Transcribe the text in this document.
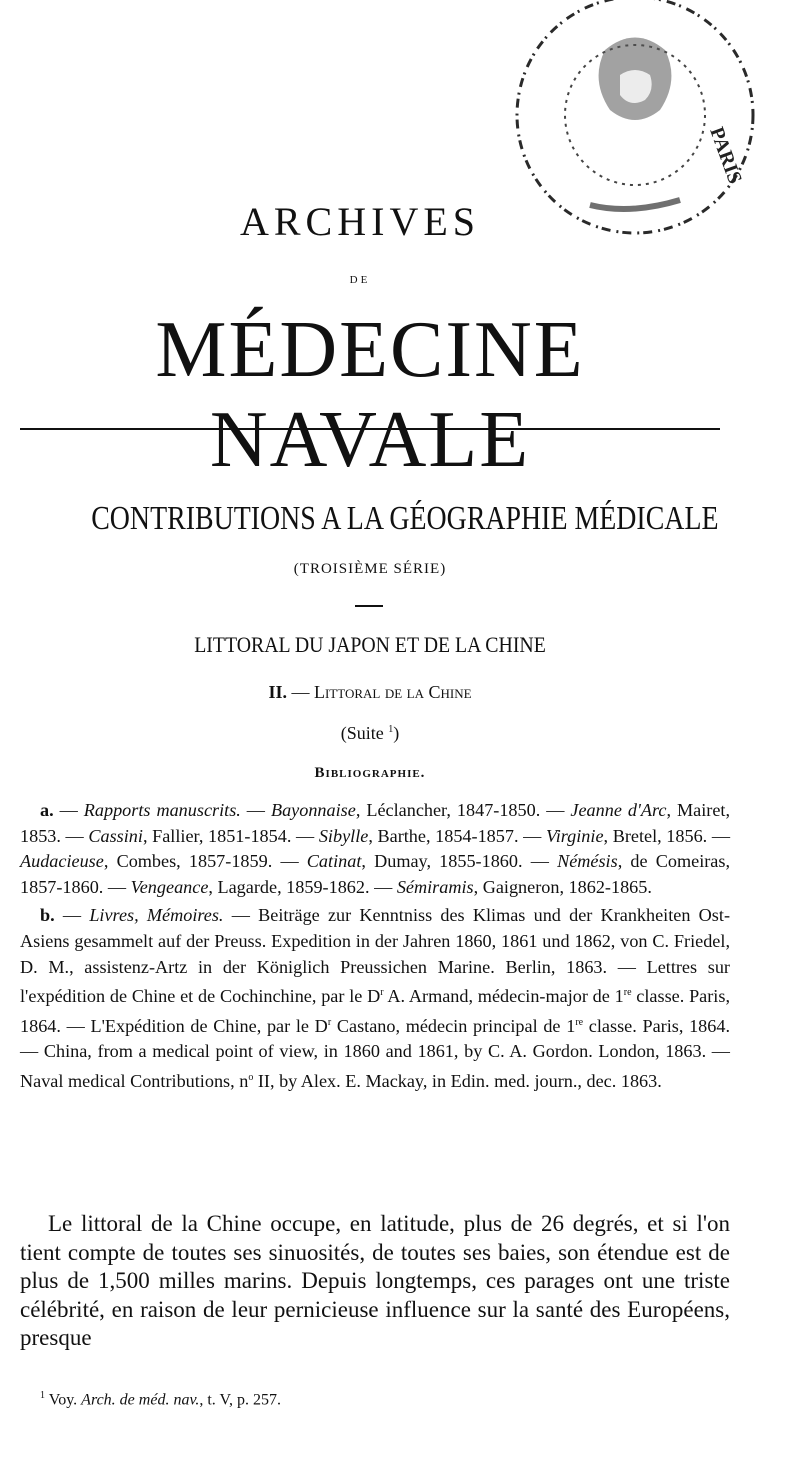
PARIS
ARCHIVES
DE
MÉDECINE NAVALE
CONTRIBUTIONS A LA GÉOGRAPHIE MÉDICALE
(TROISIÈME SÉRIE)
LITTORAL DU JAPON ET DE LA CHINE
II. — Littoral de la Chine
(Suite $^1$)
Bibliographie.

a. — Rapports manuscrits. — Bayonnaise, Léclancher, 1847-1850. — Jeanne d'Arc, Mairet, 1853. — Cassini, Fallier, 1851-1854. — Sibylle, Barthe, 1854-1857. — Virginie, Bretel, 1856. — Audacieuse, Combes, 1857-1859. — Catinat, Dumay, 1855-1860. — Némésis, de Comeiras, 1857-1860. — Vengeance, Lagarde, 1859-1862. — Sémiramis, Gaigneron, 1862-1865.

b. — Livres, Mémoires. — Beiträge zur Kenntniss des Klimas und der Krankheiten Ost-Asiens gesammelt auf der Preuss. Expedition in der Jahren 1860, 1861 und 1862, von C. Friedel, D. M., assistenz-Artz in der Königlich Preussichen Marine. Berlin, 1863. — Lettres sur l'expédition de Chine et de Cochinchine, par le $D^r$ A. Armand, médecin-major de 1re classe. Paris, 1864. — L'Expédition de Chine, par le $D^r$ Castano, médecin principal de 1re classe. Paris, 1864. — China, from a medical point of view, in 1860 and 1861, by C. A. Gordon. London, 1863. — Naval medical Contributions, $n^o$ II, by Alex. E. Mackay, in Edin. med. journ., dec. 1863.

Le littoral de la Chine occupe, en latitude, plus de 26 degrés, et si l'on tient compte de toutes ses sinuosités, de toutes ses baies, son étendue est de plus de 1,500 milles marins. Depuis longtemps, ces parages ont une triste célébrité, en raison de leur pernicieuse influence sur la santé des Européens, presque

$^1$ Voy. Arch. de méd. nav., t. V, p. 257.
